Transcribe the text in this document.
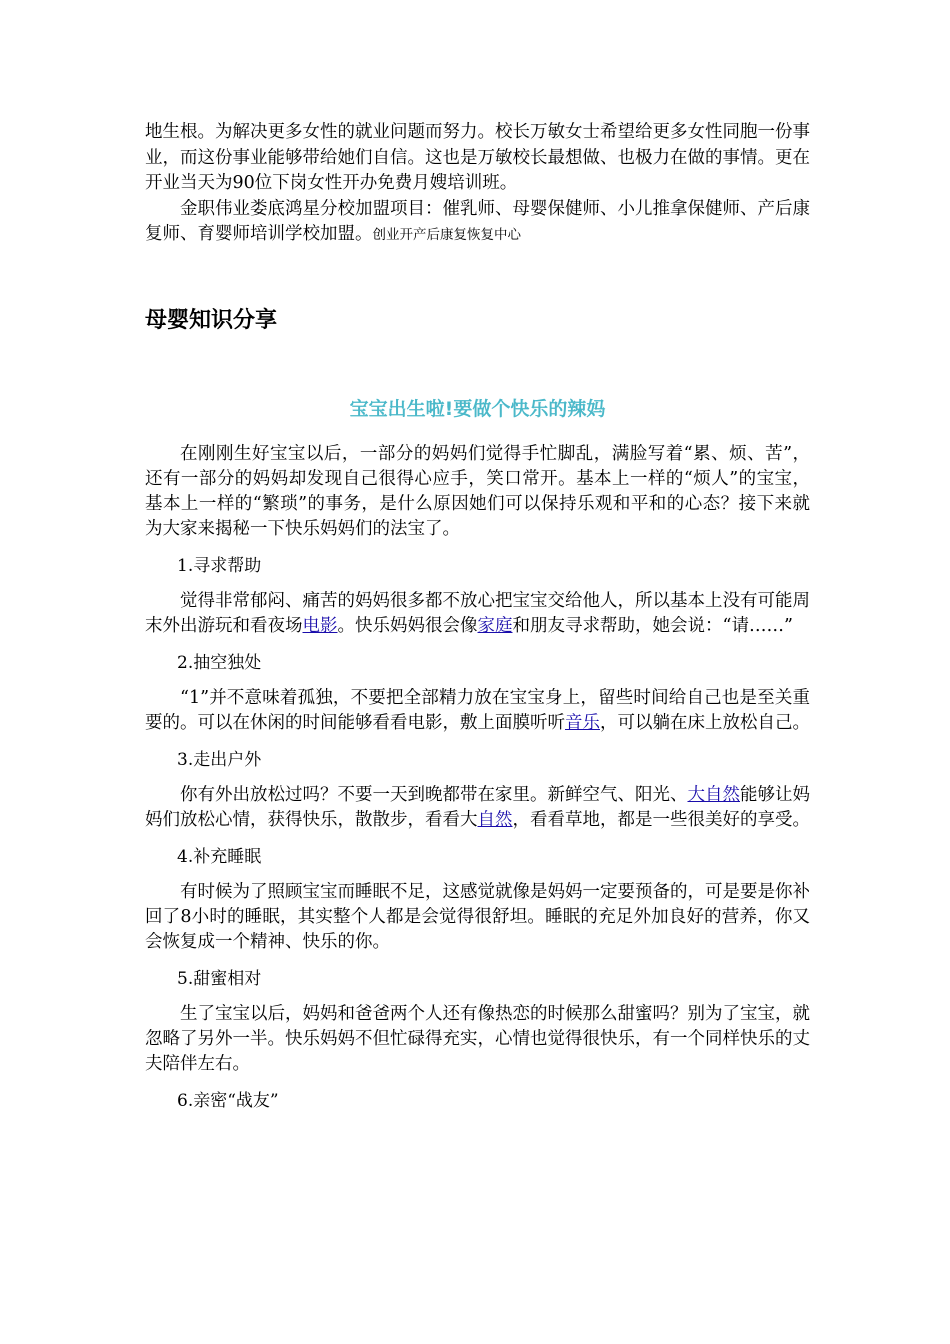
地生根。为解决更多女性的就业问题而努力。校长万敏女士希望给更多女性同胞一份事业，而这份事业能够带给她们自信。这也是万敏校长最想做、也极力在做的事情。更在开业当天为90位下岗女性开办免费月嫂培训班。

金职伟业娄底鸿星分校加盟项目：催乳师、母婴保健师、小儿推拿保健师、产后康复师、育婴师培训学校加盟。创业开产后康复恢复中心

母婴知识分享
宝宝出生啦!要做个快乐的辣妈

在刚刚生好宝宝以后，一部分的妈妈们觉得手忙脚乱，满脸写着“累、烦、苦”，还有一部分的妈妈却发现自己很得心应手，笑口常开。基本上一样的“烦人”的宝宝，基本上一样的“繁琐”的事务，是什么原因她们可以保持乐观和平和的心态？接下来就为大家来揭秘一下快乐妈妈们的法宝了。

1.寻求帮助

觉得非常郁闷、痛苦的妈妈很多都不放心把宝宝交给他人，所以基本上没有可能周末外出游玩和看夜场电影。快乐妈妈很会像家庭和朋友寻求帮助，她会说：“请……”

2.抽空独处

“1”并不意味着孤独，不要把全部精力放在宝宝身上，留些时间给自己也是至关重要的。可以在休闲的时间能够看看电影，敷上面膜听听音乐，可以躺在床上放松自己。

3.走出户外

你有外出放松过吗？不要一天到晚都带在家里。新鲜空气、阳光、大自然能够让妈妈们放松心情，获得快乐，散散步，看看大自然，看看草地，都是一些很美好的享受。

4.补充睡眠

有时候为了照顾宝宝而睡眠不足，这感觉就像是妈妈一定要预备的，可是要是你补回了8小时的睡眠，其实整个人都是会觉得很舒坦。睡眠的充足外加良好的营养，你又会恢复成一个精神、快乐的你。

5.甜蜜相对

生了宝宝以后，妈妈和爸爸两个人还有像热恋的时候那么甜蜜吗？别为了宝宝，就忽略了另外一半。快乐妈妈不但忙碌得充实，心情也觉得很快乐，有一个同样快乐的丈夫陪伴左右。

6.亲密“战友”
